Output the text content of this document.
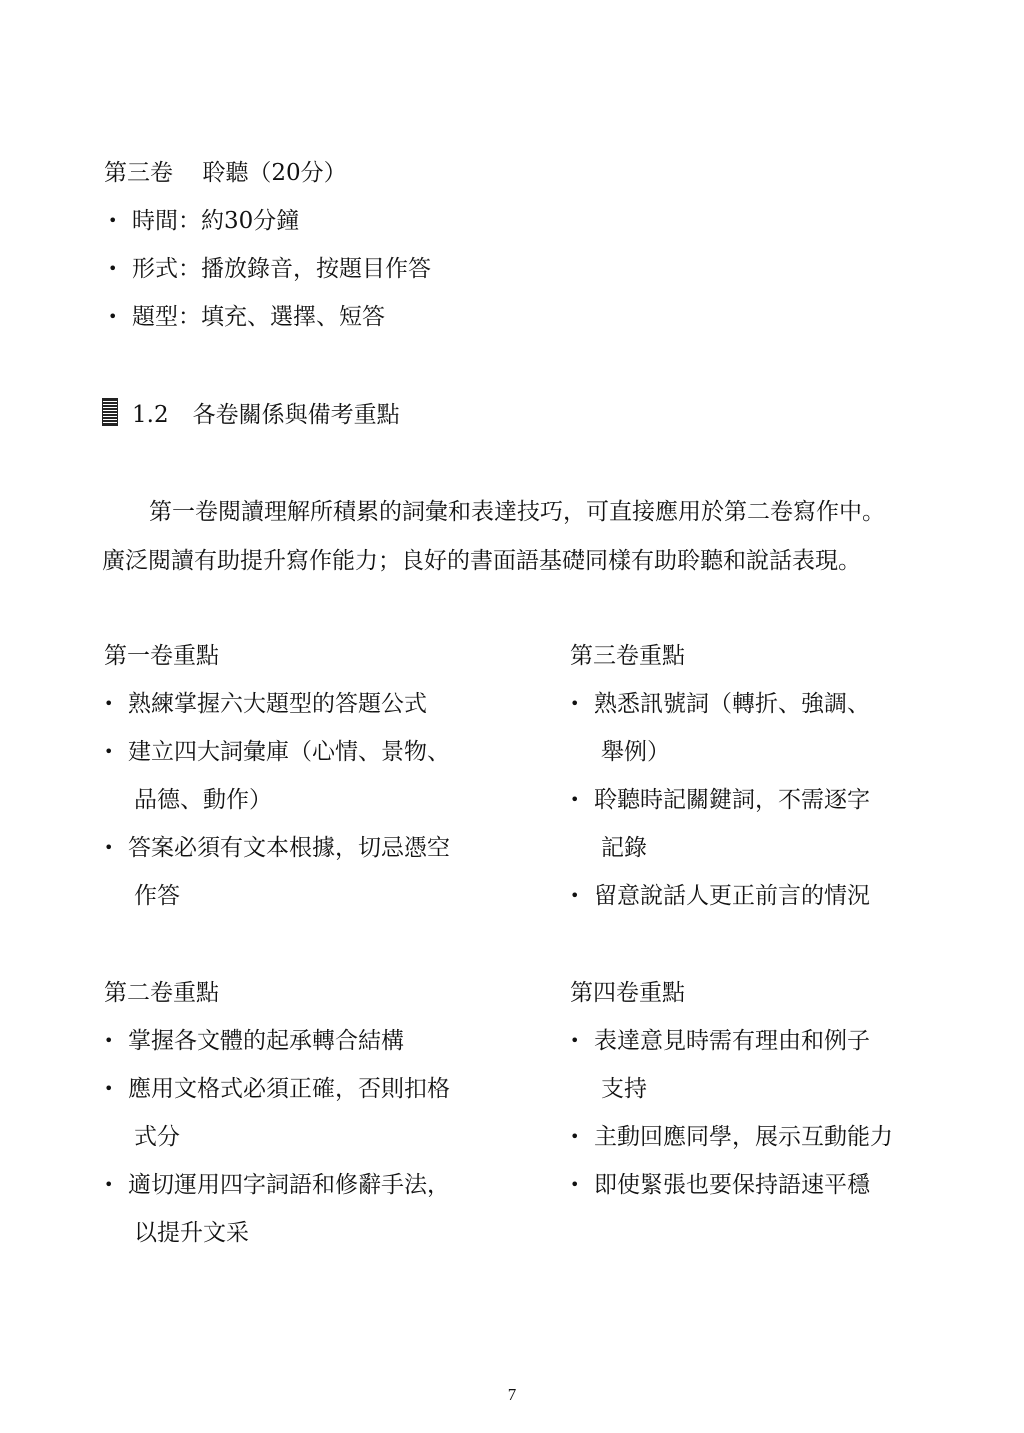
第三卷 聆聽（20分）
• 時間：約30分鐘
• 形式：播放錄音，按題目作答
• 題型：填充、選擇、短答
1.2 各卷關係與備考重點
第一卷閱讀理解所積累的詞彙和表達技巧，可直接應用於第二卷寫作中。
廣泛閱讀有助提升寫作能力；良好的書面語基礎同樣有助聆聽和說話表現。
第一卷重點
• 熟練掌握六大題型的答題公式
• 建立四大詞彙庫（心情、景物、
品德、動作）
• 答案必須有文本根據，切忌憑空
作答
第三卷重點
• 熟悉訊號詞（轉折、強調、
舉例）
• 聆聽時記關鍵詞，不需逐字
記錄
• 留意說話人更正前言的情況
第二卷重點
• 掌握各文體的起承轉合結構
• 應用文格式必須正確，否則扣格
式分
• 適切運用四字詞語和修辭手法，
以提升文采
第四卷重點
• 表達意見時需有理由和例子
支持
• 主動回應同學，展示互動能力
• 即使緊張也要保持語速平穩
7
